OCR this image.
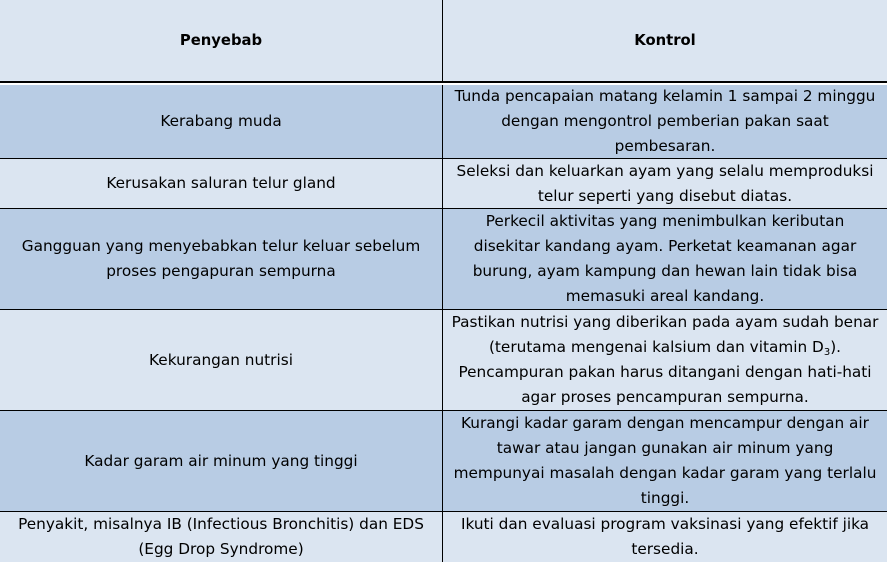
Penyebab	Kontrol
Kerabang muda
Tunda pencapaian matang kelamin 1 sampai 2 minggu dengan mengontrol pemberian pakan saat pembesaran.
Kerusakan saluran telur gland
Seleksi dan keluarkan ayam yang selalu memproduksi telur seperti yang disebut diatas.
Gangguan yang menyebabkan telur keluar sebelum proses pengapuran sempurna
Perkecil aktivitas yang menimbulkan keributan disekitar kandang ayam. Perketat keamanan agar burung, ayam kampung dan hewan lain tidak bisa memasuki areal kandang.
Kekurangan nutrisi
Pastikan nutrisi yang diberikan pada ayam sudah benar (terutama mengenai kalsium dan vitamin $D_3$). Pencampuran pakan harus ditangani dengan hati-hati agar proses pencampuran sempurna.
Kadar garam air minum yang tinggi
Kurangi kadar garam dengan mencampur dengan air tawar atau jangan gunakan air minum yang mempunyai masalah dengan kadar garam yang terlalu tinggi.
Penyakit, misalnya IB (Infectious Bronchitis) dan EDS (Egg Drop Syndrome)
Ikuti dan evaluasi program vaksinasi yang efektif jika tersedia.
